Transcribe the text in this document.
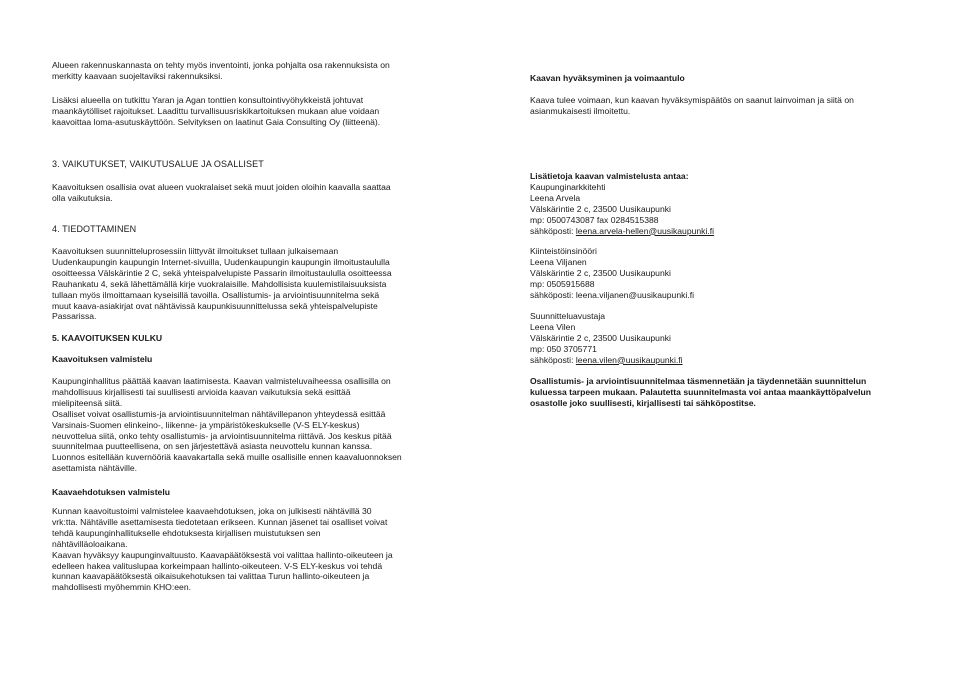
Alueen rakennuskannasta on tehty myös inventointi, jonka pohjalta osa rakennuksista on
merkitty kaavaan suojeltaviksi rakennuksiksi.

Lisäksi alueella on tutkittu Yaran ja Agan tonttien konsultointivyöhykkeistä johtuvat
maankäytölliset rajoitukset. Laadittu turvallisuusriskikartoituksen mukaan alue voidaan
kaavoittaa loma-asutuskäyttöön. Selvityksen on laatinut Gaia Consulting Oy (liitteenä).

3. VAIKUTUKSET, VAIKUTUSALUE JA OSALLISET

Kaavoituksen osallisia ovat alueen vuokralaiset sekä muut joiden oloihin kaavalla saattaa
olla vaikutuksia.

4. TIEDOTTAMINEN

Kaavoituksen suunnitteluprosessiin liittyvät ilmoitukset tullaan julkaisemaan
Uudenkaupungin kaupungin Internet-sivuilla, Uudenkaupungin kaupungin ilmoitustaululla
osoitteessa Välskärintie 2 C, sekä yhteispalvelupiste Passarin ilmoitustaululla osoitteessa
Rauhankatu 4, sekä lähettämällä kirje vuokralaisille. Mahdollisista kuulemistilaisuuksista
tullaan myös ilmoittamaan kyseisillä tavoilla. Osallistumis- ja arviointisuunnitelma sekä
muut kaava-asiakirjat ovat nähtävissä kaupunkisuunnittelussa sekä yhteispalvelupiste
Passarissa.

5. KAAVOITUKSEN KULKU

Kaavoituksen valmistelu

Kaupunginhallitus päättää kaavan laatimisesta. Kaavan valmisteluvaiheessa osallisilla on
mahdollisuus kirjallisesti tai suullisesti arvioida kaavan vaikutuksia sekä esittää
mielipiteensä siitä.
Osalliset voivat osallistumis-ja arviointisuunnitelman nähtävillepanon yhteydessä esittää
Varsinais-Suomen elinkeino-, liikenne- ja ympäristökeskukselle (V-S ELY-keskus)
neuvottelua siitä, onko tehty osallistumis- ja arviointisuunnitelma riittävä. Jos keskus pitää
suunnitelmaa puutteellisena, on sen järjestettävä asiasta neuvottelu kunnan kanssa.
Luonnos esitellään kuvernööriä kaavakartalla sekä muille osallisille ennen kaavaluonnoksen
asettamista nähtäville.

Kaavaehdotuksen valmistelu

Kunnan kaavoitustoimi valmistelee kaavaehdotuksen, joka on julkisesti nähtävillä 30
vrk:tta. Nähtäville asettamisesta tiedotetaan erikseen. Kunnan jäsenet tai osalliset voivat
tehdä kaupunginhallitukselle ehdotuksesta kirjallisen muistutuksen sen
nähtävilläoloaikana.
Kaavan hyväksyy kaupunginvaltuusto. Kaavapäätöksestä voi valittaa hallinto-oikeuteen ja
edelleen hakea valituslupaa korkeimpaan hallinto-oikeuteen. V-S ELY-keskus voi tehdä
kunnan kaavapäätöksestä oikaisukehotuksen tai valittaa Turun hallinto-oikeuteen ja
mahdollisesti myöhemmin KHO:een.

Kaavan hyväksyminen ja voimaantulo

Kaava tulee voimaan, kun kaavan hyväksymispäätös on saanut lainvoiman ja siitä on
asianmukaisesti ilmoitettu.

Lisätietoja kaavan valmistelusta antaa:

Kaupunginarkkitehti

Leena Arvela

Välskärintie 2 c, 23500 Uusikaupunki

mp: 0500743087 fax 0284515388

sähköposti: leena.arvela-hellen@uusikaupunki.fi

Kiinteistöinsinööri

Leena Viljanen

Välskärintie 2 c, 23500 Uusikaupunki

mp: 0505915688

sähköposti: leena.viljanen@uusikaupunki.fi

Suunnitteluavustaja

Leena Vilen

Välskärintie 2 c, 23500 Uusikaupunki

mp: 050 3705771

sähköposti: leena.vilen@uusikaupunki.fi

Osallistumis- ja arviointisuunnitelmaa täsmennetään ja täydennetään suunnittelun
kuluessa tarpeen mukaan. Palautetta suunnitelmasta voi antaa maankäyttöpalvelun
osastolle joko suullisesti, kirjallisesti tai sähköpostitse.
